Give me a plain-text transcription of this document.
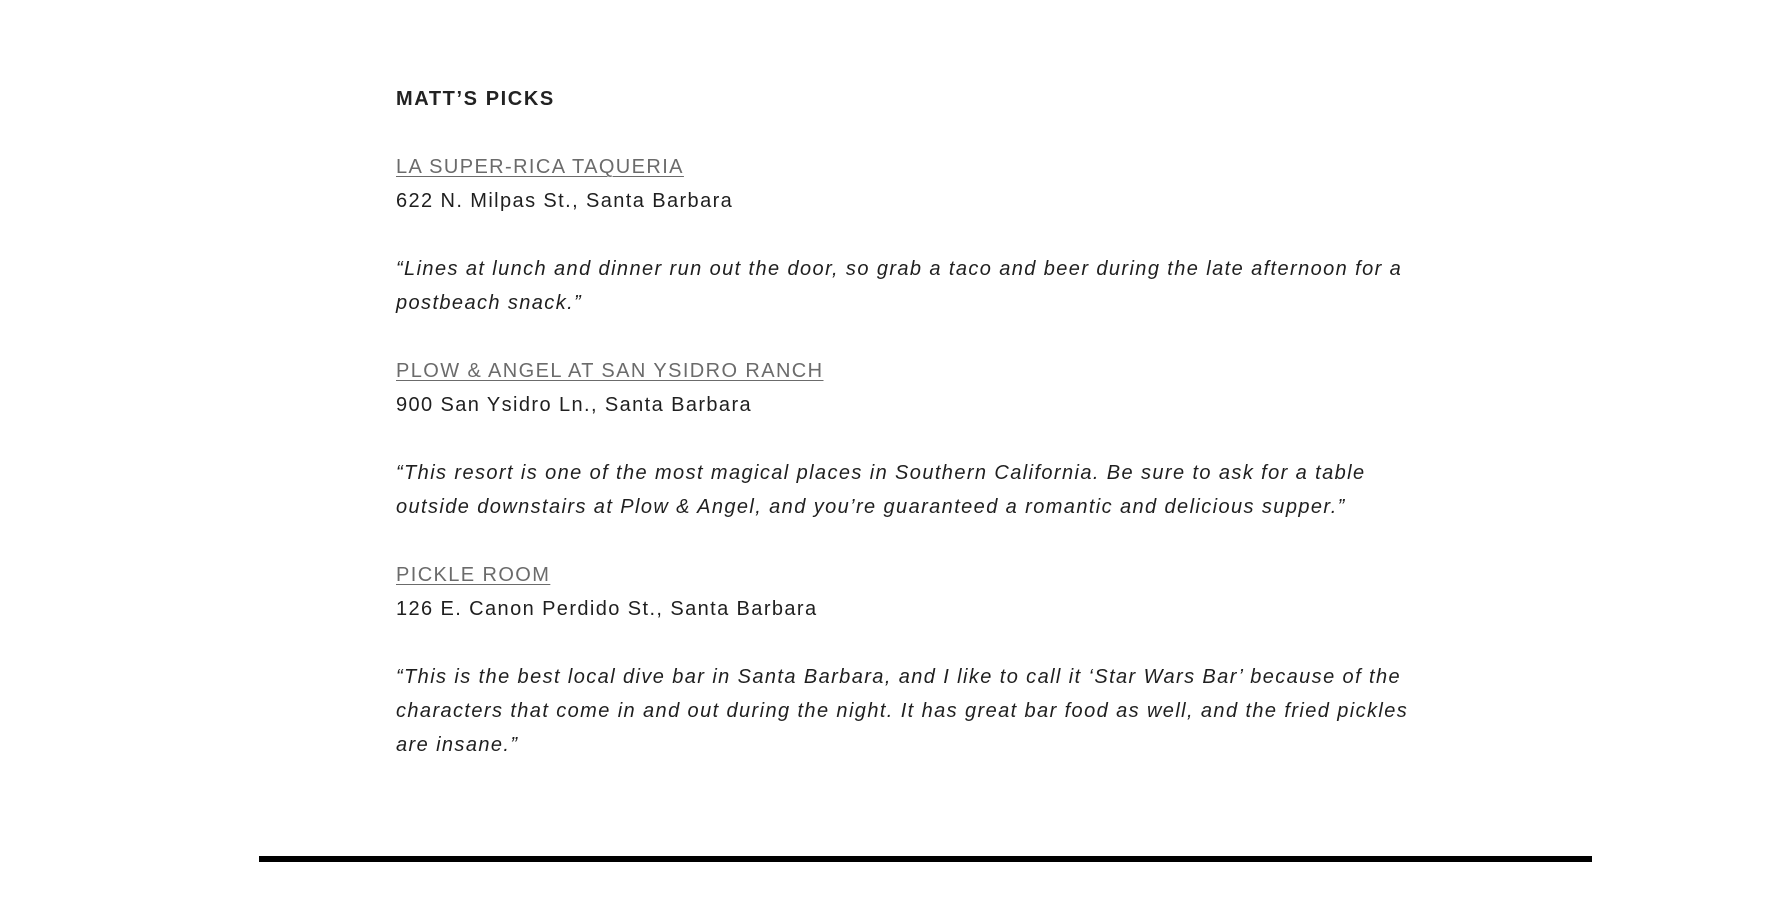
MATT’S PICKS
LA SUPER-RICA TAQUERIA
622 N. Milpas St., Santa Barbara

“Lines at lunch and dinner run out the door, so grab a taco and beer during the late afternoon for a postbeach snack.”

PLOW & ANGEL AT SAN YSIDRO RANCH
900 San Ysidro Ln., Santa Barbara

“This resort is one of the most magical places in Southern California. Be sure to ask for a table outside downstairs at Plow & Angel, and you’re guaranteed a romantic and delicious supper.”

PICKLE ROOM
126 E. Canon Perdido St., Santa Barbara

“This is the best local dive bar in Santa Barbara, and I like to call it ‘Star Wars Bar’ because of the characters that come in and out during the night. It has great bar food as well, and the fried pickles are insane.”
